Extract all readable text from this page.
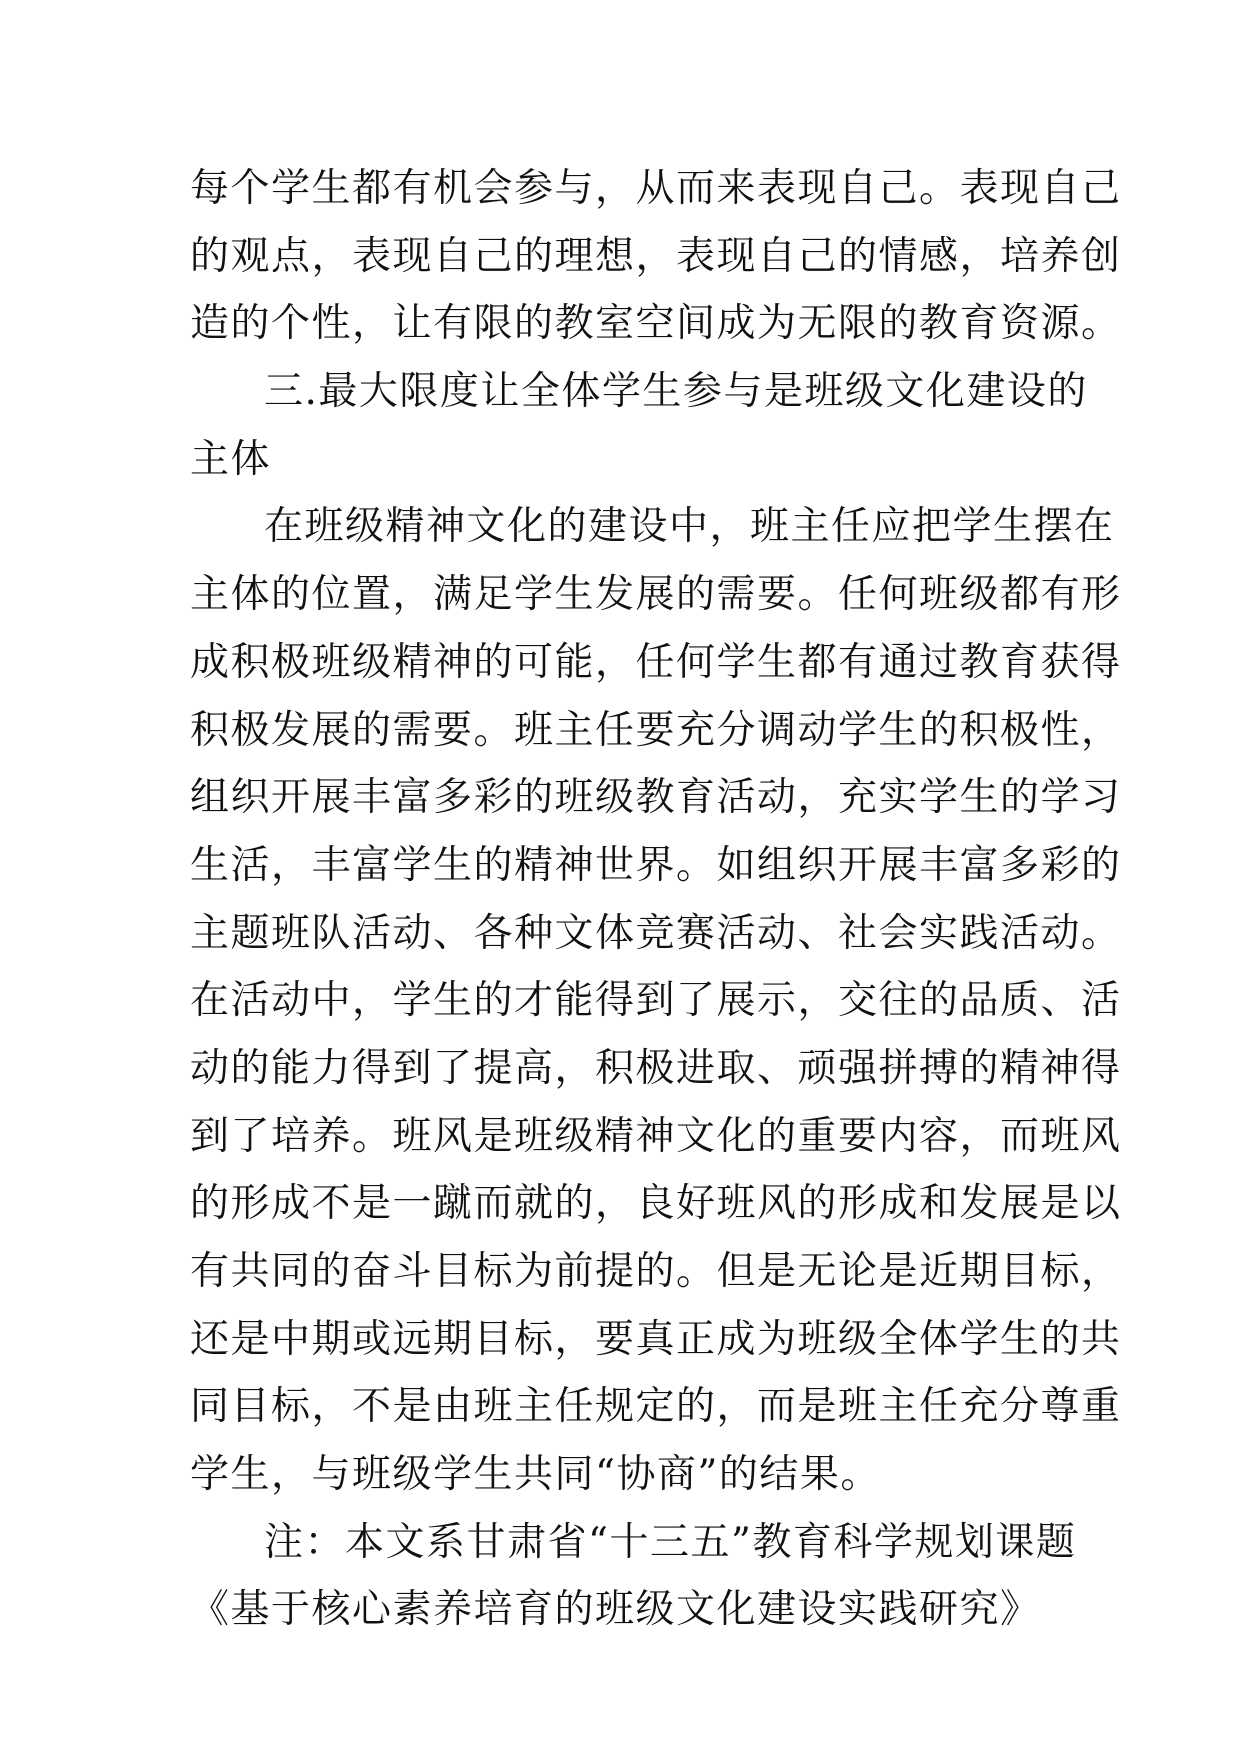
每个学生都有机会参与，从而来表现自己。表现自己
的观点，表现自己的理想，表现自己的情感，培养创
造的个性，让有限的教室空间成为无限的教育资源。
三.最大限度让全体学生参与是班级文化建设的
主体
在班级精神文化的建设中，班主任应把学生摆在
主体的位置，满足学生发展的需要。任何班级都有形
成积极班级精神的可能，任何学生都有通过教育获得
积极发展的需要。班主任要充分调动学生的积极性，
组织开展丰富多彩的班级教育活动，充实学生的学习
生活，丰富学生的精神世界。如组织开展丰富多彩的
主题班队活动、各种文体竞赛活动、社会实践活动。
在活动中，学生的才能得到了展示，交往的品质、活
动的能力得到了提高，积极进取、顽强拼搏的精神得
到了培养。班风是班级精神文化的重要内容，而班风
的形成不是一蹴而就的，良好班风的形成和发展是以
有共同的奋斗目标为前提的。但是无论是近期目标，
还是中期或远期目标，要真正成为班级全体学生的共
同目标，不是由班主任规定的，而是班主任充分尊重
学生，与班级学生共同“协商”的结果。
注：本文系甘肃省“十三五”教育科学规划课题
《基于核心素养培育的班级文化建设实践研究》
